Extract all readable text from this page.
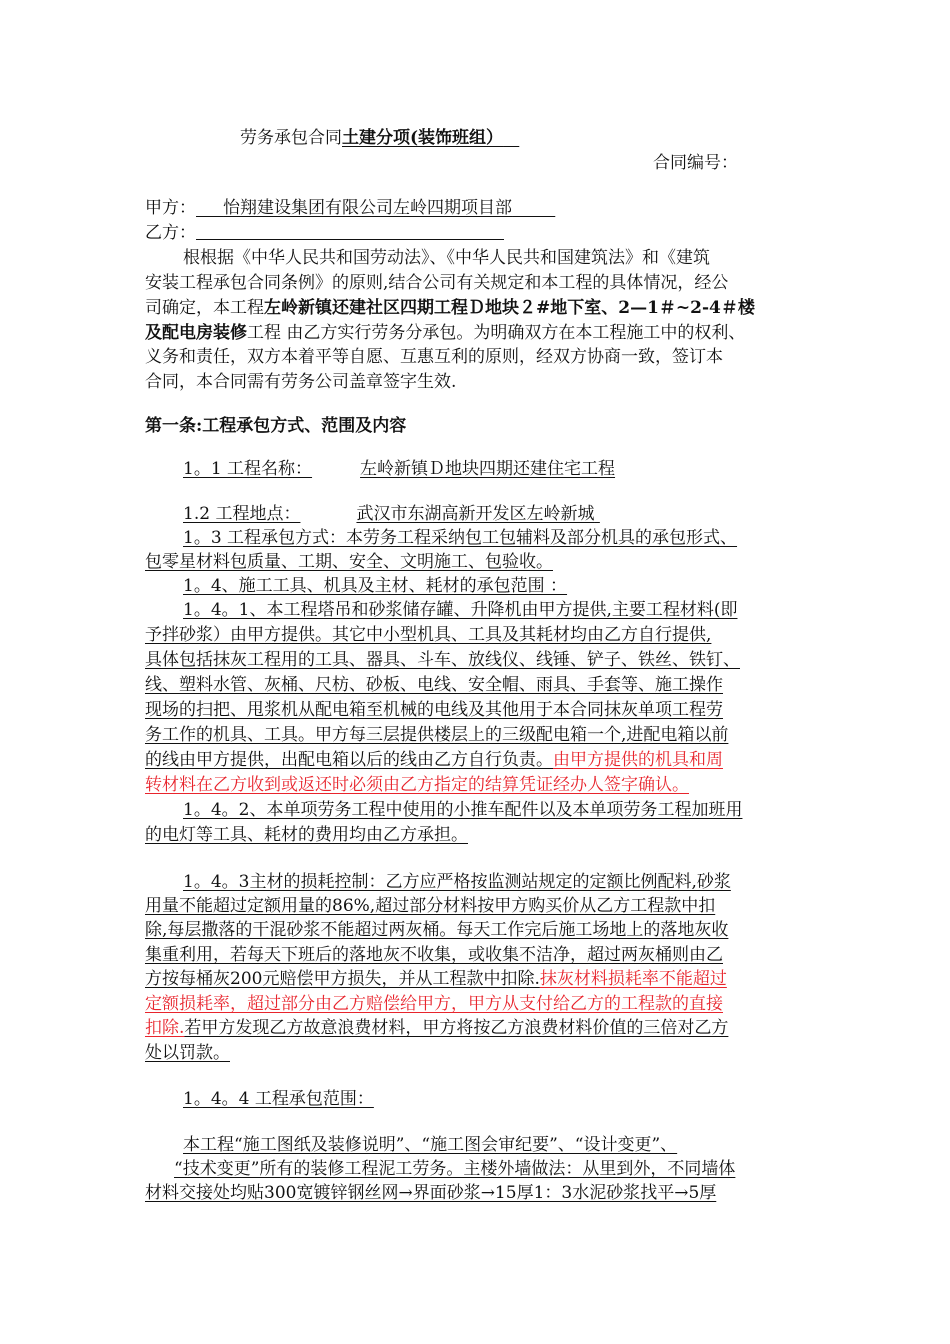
劳务承包合同土建分项(装饰班组）
合同编号：
甲方： 怡翔建设集团有限公司左岭四期项目部
乙方：
根根据《中华人民共和国劳动法》、《中华人民共和国建筑法》和《建筑
安装工程承包合同条例》的原则,结合公司有关规定和本工程的具体情况，经公
司确定，本工程左岭新镇还建社区四期工程Ｄ地块２#地下室、2—1＃~2-4＃楼
及配电房装修工程 由乙方实行劳务分承包。为明确双方在本工程施工中的权利、
义务和责任，双方本着平等自愿、互惠互利的原则，经双方协商一致，签订本
合同，本合同需有劳务公司盖章签字生效.
第一条:工程承包方式、范围及内容
1。1 工程名称：	左岭新镇Ｄ地块四期还建住宅工程
1.2 工程地点：	武汉市东湖高新开发区左岭新城
1。3 工程承包方式：本劳务工程采纳包工包辅料及部分机具的承包形式、
包零星材料包质量、工期、安全、文明施工、包验收。
1。4、施工工具、机具及主材、耗材的承包范围 ：
1。4。1、本工程塔吊和砂浆储存罐、升降机由甲方提供,主要工程材料(即
予拌砂浆）由甲方提供。其它中小型机具、工具及其耗材均由乙方自行提供,
具体包括抹灰工程用的工具、器具、斗车、放线仪、线锤、铲子、铁丝、铁钉、
线、塑料水管、灰桶、尺枋、砂板、电线、安全帽、雨具、手套等、施工操作
现场的扫把、甩浆机从配电箱至机械的电线及其他用于本合同抹灰单项工程劳
务工作的机具、工具。甲方每三层提供楼层上的三级配电箱一个,进配电箱以前
的线由甲方提供，出配电箱以后的线由乙方自行负责。由甲方提供的机具和周
转材料在乙方收到或返还时必须由乙方指定的结算凭证经办人签字确认。
1。4。2、本单项劳务工程中使用的小推车配件以及本单项劳务工程加班用
的电灯等工具、耗材的费用均由乙方承担。
1。4。3主材的损耗控制：乙方应严格按监测站规定的定额比例配料,砂浆
用量不能超过定额用量的86%,超过部分材料按甲方购买价从乙方工程款中扣
除,每层撒落的干混砂浆不能超过两灰桶。每天工作完后施工场地上的落地灰收
集重利用，若每天下班后的落地灰不收集，或收集不洁净，超过两灰桶则由乙
方按每桶灰200元赔偿甲方损失，并从工程款中扣除.抹灰材料损耗率不能超过
定额损耗率，超过部分由乙方赔偿给甲方，甲方从支付给乙方的工程款的直接
扣除.若甲方发现乙方故意浪费材料，甲方将按乙方浪费材料价值的三倍对乙方
处以罚款。
1。4。4 工程承包范围：
本工程“施工图纸及装修说明”、“施工图会审纪要”、“设计变更”、
“技术变更”所有的装修工程泥工劳务。主楼外墙做法：从里到外，不同墙体
材料交接处均贴300宽镀锌钢丝网→界面砂浆→15厚1：3水泥砂浆找平→5厚
